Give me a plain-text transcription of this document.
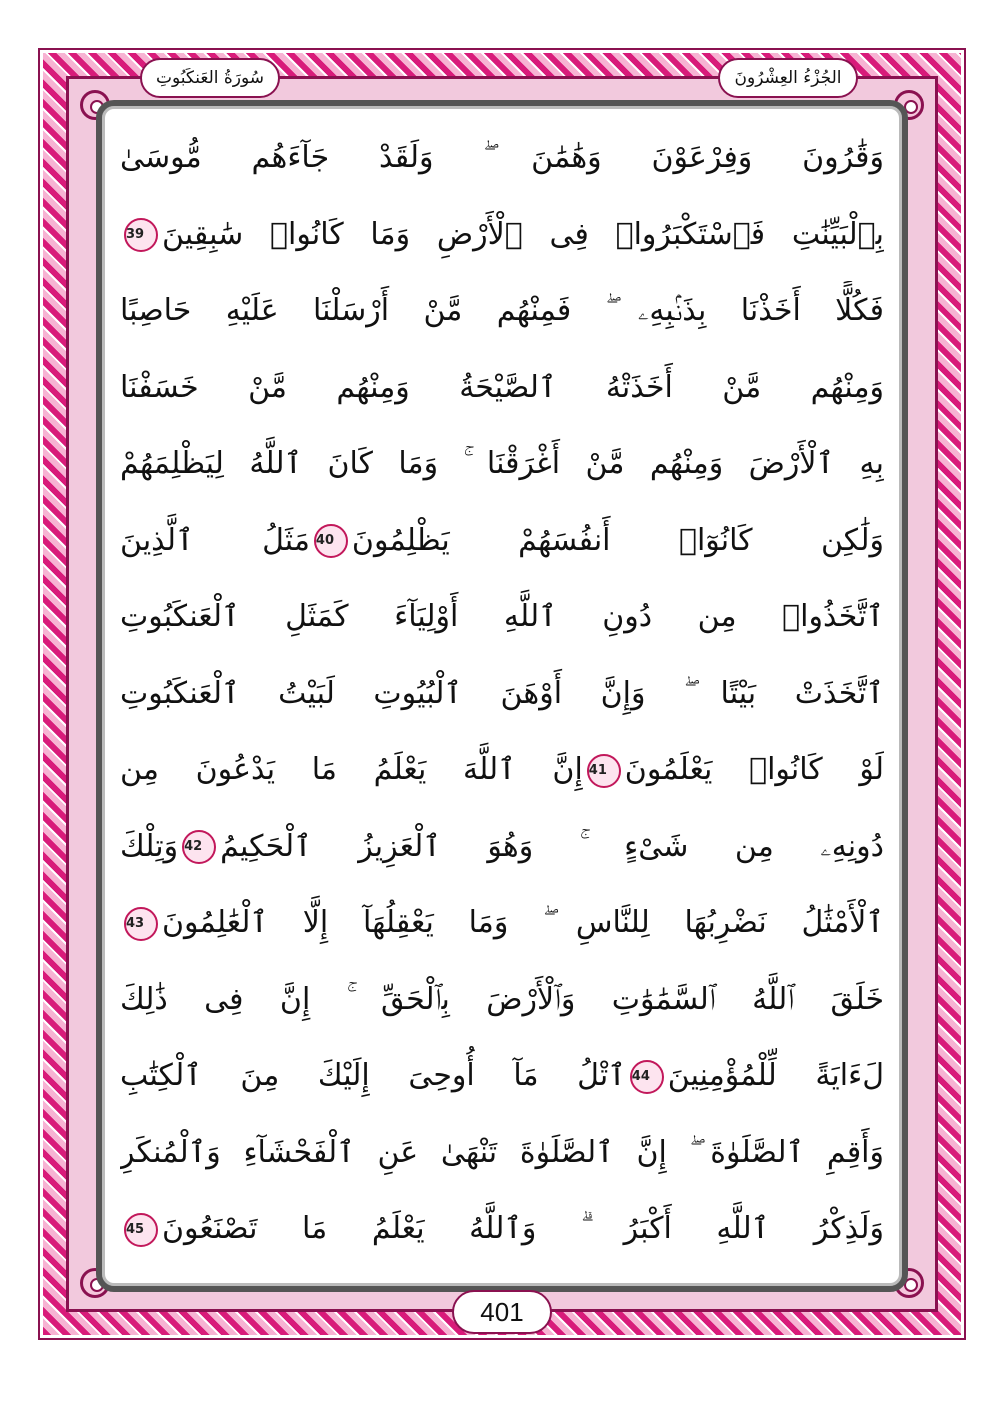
سُورَةُ العَنكَبُوتِ	الجُزْءُ العِشْرُونَ
وَقَٰرُونَ وَفِرْعَوْنَ وَهَٰمَٰنَ ۖ وَلَقَدْ جَآءَهُم مُّوسَىٰ
بِٱلْبَيِّنَٰتِ فَٱسْتَكْبَرُوا۟ فِى ٱلْأَرْضِ وَمَا كَانُوا۟ سَٰبِقِينَ39
فَكُلًّا أَخَذْنَا بِذَنۢبِهِۦ ۖ فَمِنْهُم مَّنْ أَرْسَلْنَا عَلَيْهِ حَاصِبًا
وَمِنْهُم مَّنْ أَخَذَتْهُ ٱلصَّيْحَةُ وَمِنْهُم مَّنْ خَسَفْنَا
بِهِ ٱلْأَرْضَ وَمِنْهُم مَّنْ أَغْرَقْنَا ۚ وَمَا كَانَ ٱللَّهُ لِيَظْلِمَهُمْ
وَلَٰكِن كَانُوٓا۟ أَنفُسَهُمْ يَظْلِمُونَ40مَثَلُ ٱلَّذِينَ
ٱتَّخَذُوا۟ مِن دُونِ ٱللَّهِ أَوْلِيَآءَ كَمَثَلِ ٱلْعَنكَبُوتِ
ٱتَّخَذَتْ بَيْتًا ۖ وَإِنَّ أَوْهَنَ ٱلْبُيُوتِ لَبَيْتُ ٱلْعَنكَبُوتِ
لَوْ كَانُوا۟ يَعْلَمُونَ41إِنَّ ٱللَّهَ يَعْلَمُ مَا يَدْعُونَ مِن
دُونِهِۦ مِن شَىْءٍ ۚ وَهُوَ ٱلْعَزِيزُ ٱلْحَكِيمُ42وَتِلْكَ
ٱلْأَمْثَٰلُ نَضْرِبُهَا لِلنَّاسِ ۖ وَمَا يَعْقِلُهَآ إِلَّا ٱلْعَٰلِمُونَ43
خَلَقَ ٱللَّهُ ٱلسَّمَٰوَٰتِ وَٱلْأَرْضَ بِٱلْحَقِّ ۚ إِنَّ فِى ذَٰلِكَ
لَءَايَةً لِّلْمُؤْمِنِينَ44ٱتْلُ مَآ أُوحِىَ إِلَيْكَ مِنَ ٱلْكِتَٰبِ
وَأَقِمِ ٱلصَّلَوٰةَ ۖ إِنَّ ٱلصَّلَوٰةَ تَنْهَىٰ عَنِ ٱلْفَحْشَآءِ وَٱلْمُنكَرِ
وَلَذِكْرُ ٱللَّهِ أَكْبَرُ ۗ وَٱللَّهُ يَعْلَمُ مَا تَصْنَعُونَ45
401
